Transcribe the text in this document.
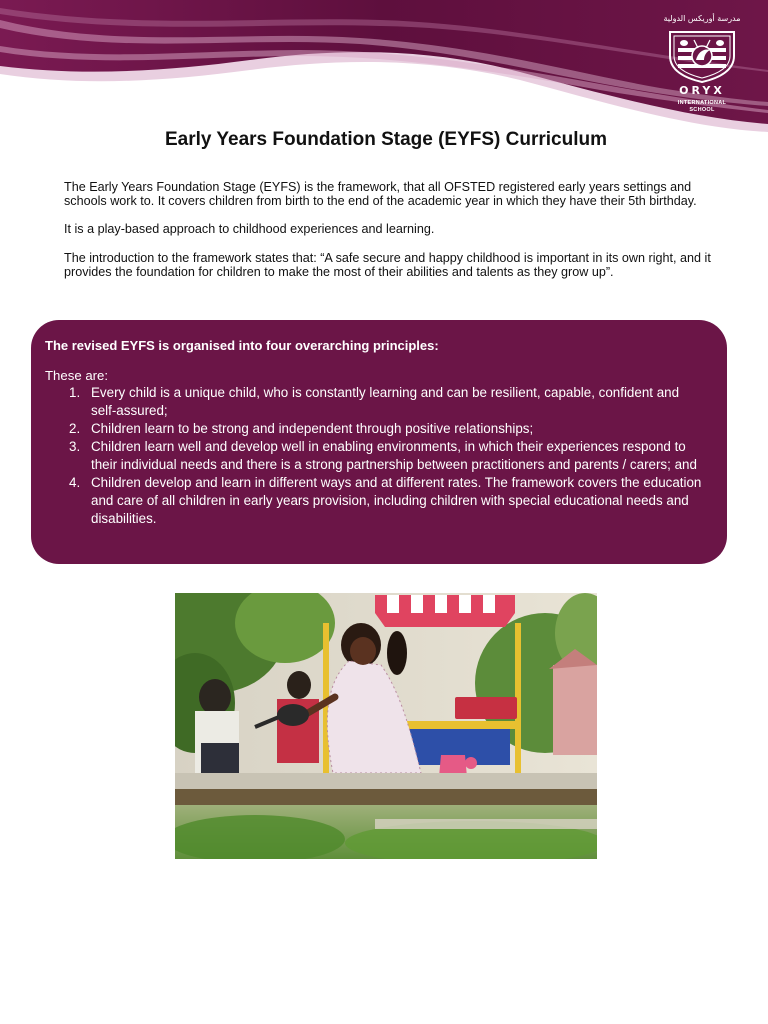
مدرسة أوريكس الدولية
ORYX
INTERNATIONAL
SCHOOL
Early Years Foundation Stage (EYFS) Curriculum

The Early Years Foundation Stage (EYFS) is the framework, that all OFSTED registered early years settings and schools work to. It covers children from birth to the end of the academic year in which they have their 5th birthday.

It is a play-based approach to childhood experiences and learning.

The introduction to the framework states that: “A safe secure and happy childhood is important in its own right, and it provides the foundation for children to make the most of their abilities and talents as they grow up”.

The revised EYFS is organised into four overarching principles:
These are:
1. Every child is a unique child, who is constantly learning and can be resilient, capable, confident and self-assured;
2. Children learn to be strong and independent through positive relationships;
3. Children learn well and develop well in enabling environments, in which their experiences respond to their individual needs and there is a strong partnership between practitioners and parents / carers; and
4. Children develop and learn in different ways and at different rates. The framework covers the education and care of all children in early years provision, including children with special educational needs and disabilities.
